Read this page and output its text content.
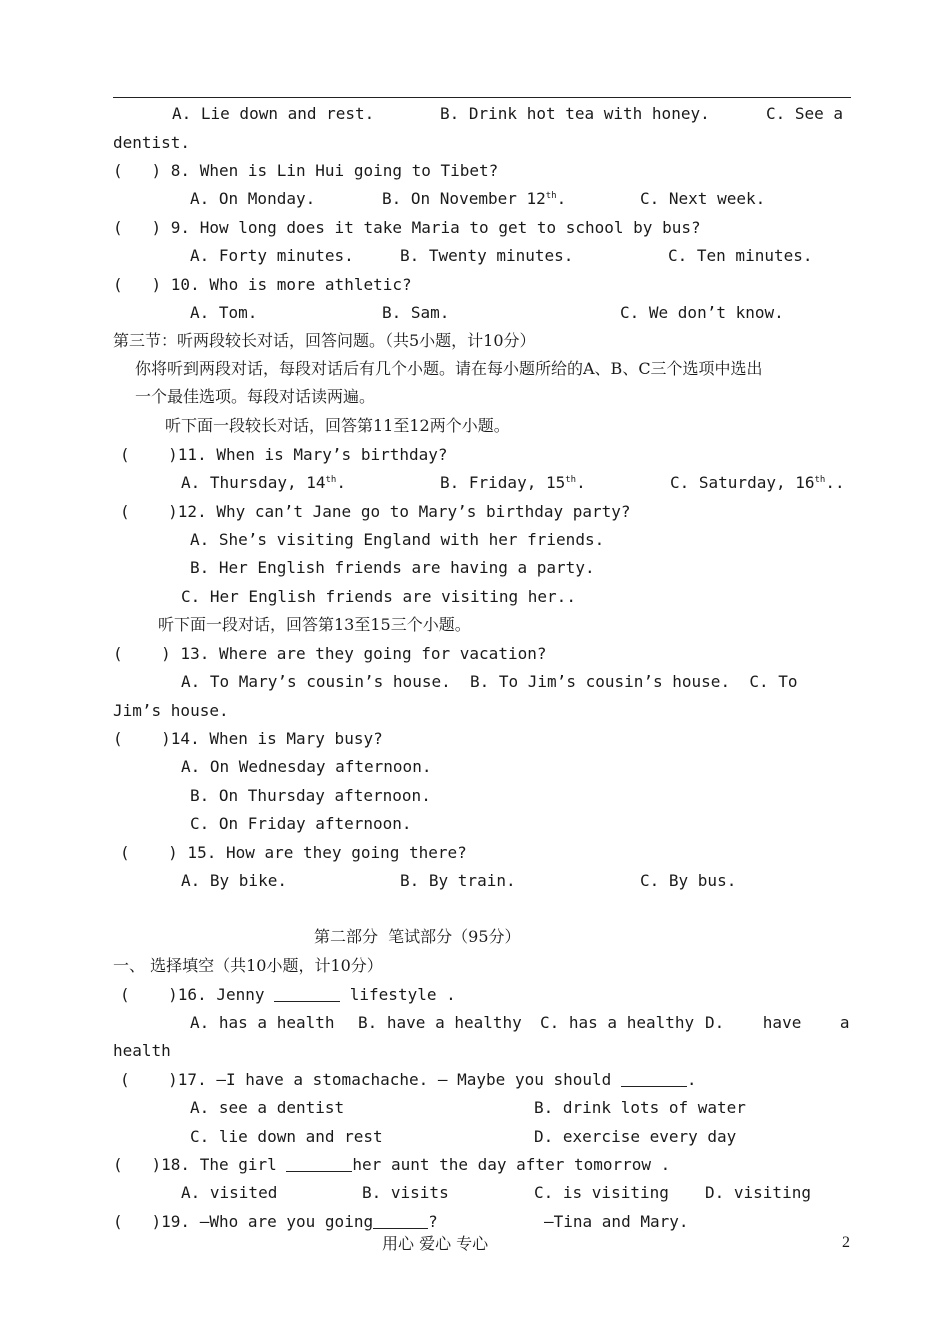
A. Lie down and rest.	B. Drink hot tea with honey.	C. See a
dentist.
(   ) 8. When is Lin Hui going to Tibet?
A. On Monday.	B. On November 12th.	C. Next week.
(   ) 9. How long does it take Maria to get to school by bus?
A. Forty minutes.	B. Twenty minutes.	C. Ten minutes.
(   ) 10. Who is more athletic?
A. Tom.	B. Sam.	C. We don’t know.
第三节：听两段较长对话，回答问题。（共5小题，计10分）
你将听到两段对话，每段对话后有几个小题。请在每小题所给的A、B、C三个选项中选出
一个最佳选项。每段对话读两遍。
听下面一段较长对话，回答第11至12两个小题。
(    )11. When is Mary’s birthday?
A. Thursday, 14th.	B. Friday, 15th.	C. Saturday, 16th..
(    )12. Why can’t Jane go to Mary’s birthday party?
A. She’s visiting England with her friends.
B. Her English friends are having a party.
C. Her English friends are visiting her..
听下面一段对话，回答第13至15三个小题。
(    ) 13. Where are they going for vacation?
A. To Mary’s cousin’s house.  B. To Jim’s cousin’s house.  C. To
Jim’s house.
(    )14. When is Mary busy?
A. On Wednesday afternoon.
B. On Thursday afternoon.
C. On Friday afternoon.
(    ) 15. How are they going there?
A. By bike.	B. By train.	C. By bus.
第二部分  笔试部分（95分）
一、 选择填空（共10小题，计10分）
(    )16. Jenny	lifestyle .
A. has a health B. have a healthy C. has a healthy D.    have    a
health
(    )17. —I have a stomachache. — Maybe you should	.
A. see a dentist	B. drink lots of water
C. lie down and rest	D. exercise every day
(   )18. The girl	her aunt the day after tomorrow .
A. visited	B. visits	C. is visiting D. visiting
(   )19. —Who are you going	?	—Tina and Mary.
用心 爱心 专心	2
